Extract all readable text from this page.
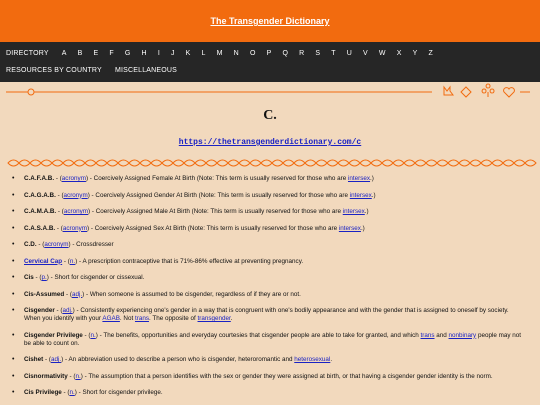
The Transgender Dictionary
DIRECTORY A B E F G H I J K L M N O P Q R S T U V W X Y Z
RESOURCES BY COUNTRY MISCELLANEOUS
C.
https://thetransgenderdictionary.com/c
•	C.A.F.A.B. - (acronym) - Coercively Assigned Female At Birth (Note: This term is usually reserved for those who are intersex.)
•	C.A.G.A.B. - (acronym) - Coercively Assigned Gender At Birth (Note: This term is usually reserved for those who are intersex.)
•	C.A.M.A.B. - (acronym) - Coercively Assigned Male At Birth (Note: This term is usually reserved for those who are intersex.)
•	C.A.S.A.B. - (acronym) - Coercively Assigned Sex At Birth (Note: This term is usually reserved for those who are intersex.)
•	C.D. - (acronym) - Crossdresser
•	Cervical Cap - (n.) - A prescription contraceptive that is 71%-86% effective at preventing pregnancy.
•	Cis - (p.) - Short for cisgender or cissexual.
•	Cis-Assumed - (adj.) - When someone is assumed to be cisgender, regardless of if they are or not.
•	Cisgender - (adj.) - Consistently experiencing one's gender in a way that is congruent with one's bodily appearance and with the gender that is assigned to oneself by society. When you identify with your AGAB. Not trans. The opposite of transgender.
•	Cisgender Privilege - (n.) - The benefits, opportunities and everyday courtesies that cisgender people are able to take for granted, and which trans and nonbinary people may not be able to count on.
•	Cishet - (adj.) - An abbreviation used to describe a person who is cisgender, heteroromantic and heterosexual.
•	Cisnormativity - (n.) - The assumption that a person identifies with the sex or gender they were assigned at birth, or that having a cisgender gender identity is the norm.
•	Cis Privilege - (n.) - Short for cisgender privilege.
